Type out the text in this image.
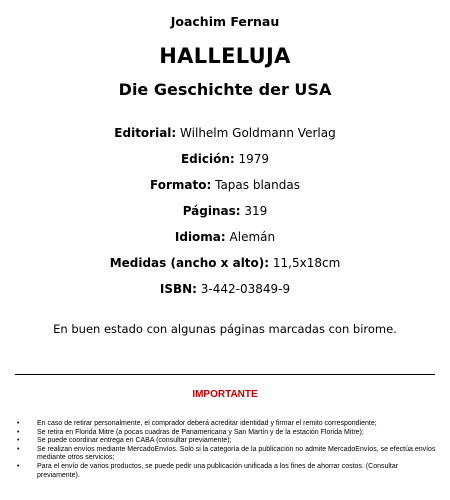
Joachim Fernau
HALLELUJA
Die Geschichte der USA
Editorial: Wilhelm Goldmann Verlag
Edición: 1979
Formato: Tapas blandas
Páginas: 319
Idioma: Alemán
Medidas (ancho x alto): 11,5x18cm
ISBN: 3-442-03849-9
En buen estado con algunas páginas marcadas con birome.
IMPORTANTE
•	En caso de retirar personalmente, el comprador deberá acreditar identidad y firmar el remito correspondiente;
•	Se retira en Florida Mitre (a pocas cuadras de Panamericana y San Martín y de la estación Florida Mitre);
•	Se puede coordinar entrega en CABA (consultar previamente);
•	Se realizan envíos mediante MercadoEnvíos. Solo si la categoría de la publicación no admite MercadoEnvíos, se efectúa envíos mediante otros servicios;
•	Para el envío de varios productos, se puede pedir una publicación unificada a los fines de ahorrar costos. (Consultar previamente).
